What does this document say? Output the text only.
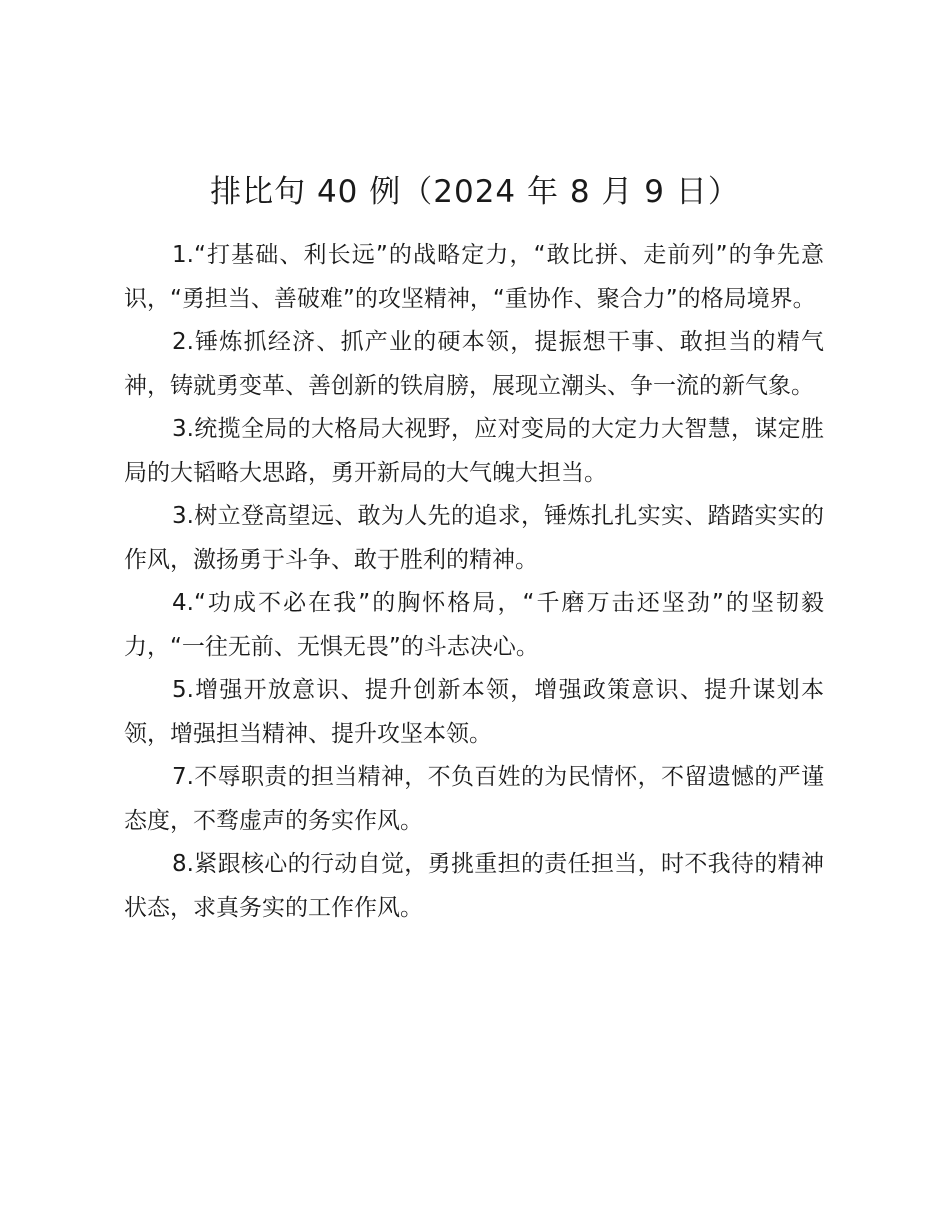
排比句 40 例（2024 年 8 月 9 日）

1.“打基础、利长远”的战略定力，“敢比拼、走前列”的争先意识，“勇担当、善破难”的攻坚精神，“重协作、聚合力”的格局境界。

2.锤炼抓经济、抓产业的硬本领，提振想干事、敢担当的精气神，铸就勇变革、善创新的铁肩膀，展现立潮头、争一流的新气象。

3.统揽全局的大格局大视野，应对变局的大定力大智慧，谋定胜局的大韬略大思路，勇开新局的大气魄大担当。

3.树立登高望远、敢为人先的追求，锤炼扎扎实实、踏踏实实的作风，激扬勇于斗争、敢于胜利的精神。

4.“功成不必在我”的胸怀格局，“千磨万击还坚劲”的坚韧毅力，“一往无前、无惧无畏”的斗志决心。

5.增强开放意识、提升创新本领，增强政策意识、提升谋划本领，增强担当精神、提升攻坚本领。

7.不辱职责的担当精神，不负百姓的为民情怀，不留遗憾的严谨态度，不骛虚声的务实作风。

8.紧跟核心的行动自觉，勇挑重担的责任担当，时不我待的精神状态，求真务实的工作作风。
